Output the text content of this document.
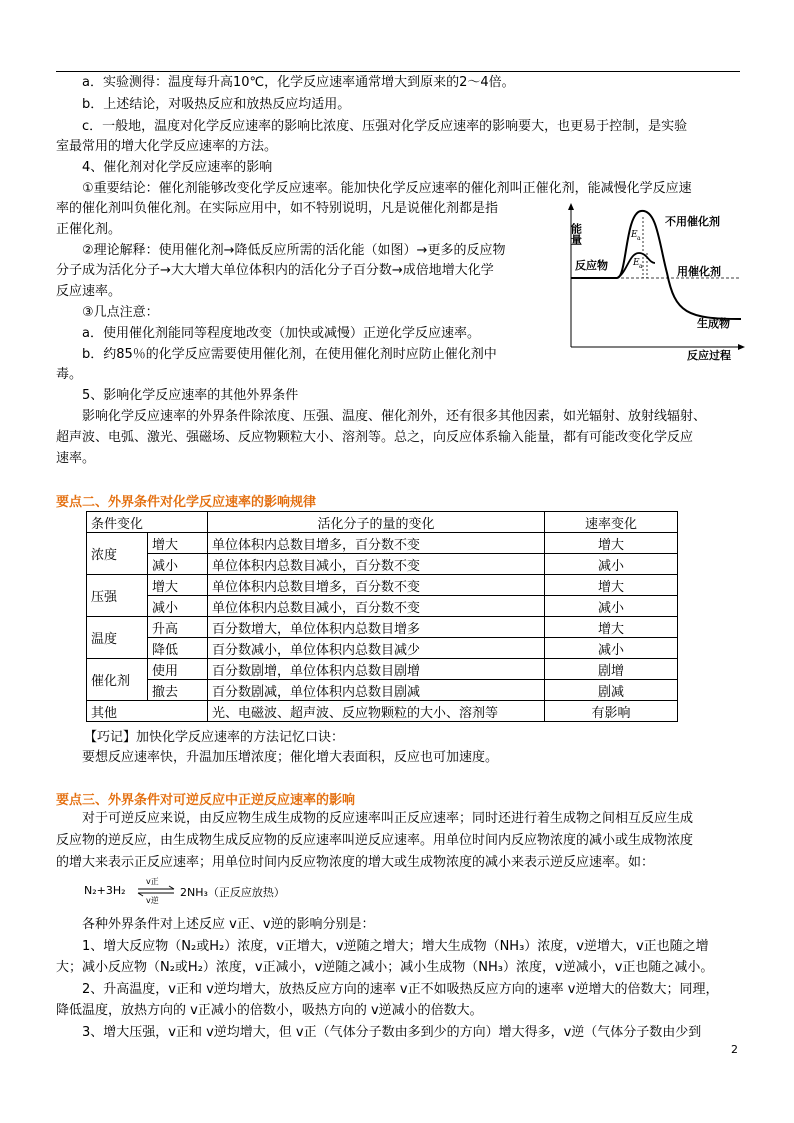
a．实验测得：温度每升高10℃，化学反应速率通常增大到原来的2～4倍。
b．上述结论，对吸热反应和放热反应均适用。
c．一般地，温度对化学反应速率的影响比浓度、压强对化学反应速率的影响要大，也更易于控制，是实验
室最常用的增大化学反应速率的方法。
4、催化剂对化学反应速率的影响
①重要结论：催化剂能够改变化学反应速率。能加快化学反应速率的催化剂叫正催化剂，能减慢化学反应速
率的催化剂叫负催化剂。在实际应用中，如不特别说明，凡是说催化剂都是指
正催化剂。
②理论解释：使用催化剂→降低反应所需的活化能（如图）→更多的反应物
分子成为活化分子→大大增大单位体积内的活化分子百分数→成倍地增大化学
反应速率。
③几点注意：
a．使用催化剂能同等程度地改变（加快或减慢）正逆化学反应速率。
b．约85％的化学反应需要使用催化剂，在使用催化剂时应防止催化剂中
毒。
5、影响化学反应速率的其他外界条件
影响化学反应速率的外界条件除浓度、压强、温度、催化剂外，还有很多其他因素，如光辐射、放射线辐射、
超声波、电弧、激光、强磁场、反应物颗粒大小、溶剂等。总之，向反应体系输入能量，都有可能改变化学反应
速率。
能量
反应物
不用催化剂
用催化剂
生成物
反应过程
E a
E a
要点二、外界条件对化学反应速率的影响规律
条件变化		活化分子的量的变化	速率变化
浓度	增大	单位体积内总数目增多，百分数不变	增大
	减小	单位体积内总数目减小，百分数不变	减小
压强	增大	单位体积内总数目增多，百分数不变	增大
	减小	单位体积内总数目减小，百分数不变	减小
温度	升高	百分数增大，单位体积内总数目增多	增大
	降低	百分数减小，单位体积内总数目减少	减小
催化剂	使用	百分数剧增，单位体积内总数目剧增	剧增
	撤去	百分数剧减，单位体积内总数目剧减	剧减
其他		光、电磁波、超声波、反应物颗粒的大小、溶剂等	有影响
【巧记】加快化学反应速率的方法记忆口诀：
要想反应速率快，升温加压增浓度；催化增大表面积，反应也可加速度。
要点三、外界条件对可逆反应中正逆反应速率的影响
对于可逆反应来说，由反应物生成生成物的反应速率叫正反应速率；同时还进行着生成物之间相互反应生成
反应物的逆反应，由生成物生成反应物的反应速率叫逆反应速率。用单位时间内反应物浓度的减小或生成物浓度
的增大来表示正反应速率；用单位时间内反应物浓度的增大或生成物浓度的减小来表示逆反应速率。如：
N₂+3H₂
v正
v逆
2NH₃（正反应放热）
各种外界条件对上述反应 v正、v逆的影响分别是：
1、增大反应物（N₂或H₂）浓度，v正增大，v逆随之增大；增大生成物（NH₃）浓度，v逆增大，v正也随之增
大；减小反应物（N₂或H₂）浓度，v正减小，v逆随之减小；减小生成物（NH₃）浓度，v逆减小，v正也随之减小。
2、升高温度，v正和 v逆均增大，放热反应方向的速率 v正不如吸热反应方向的速率 v逆增大的倍数大；同理，
降低温度，放热方向的 v正减小的倍数小，吸热方向的 v逆减小的倍数大。
3、增大压强，v正和 v逆均增大，但 v正（气体分子数由多到少的方向）增大得多，v逆（气体分子数由少到
2
